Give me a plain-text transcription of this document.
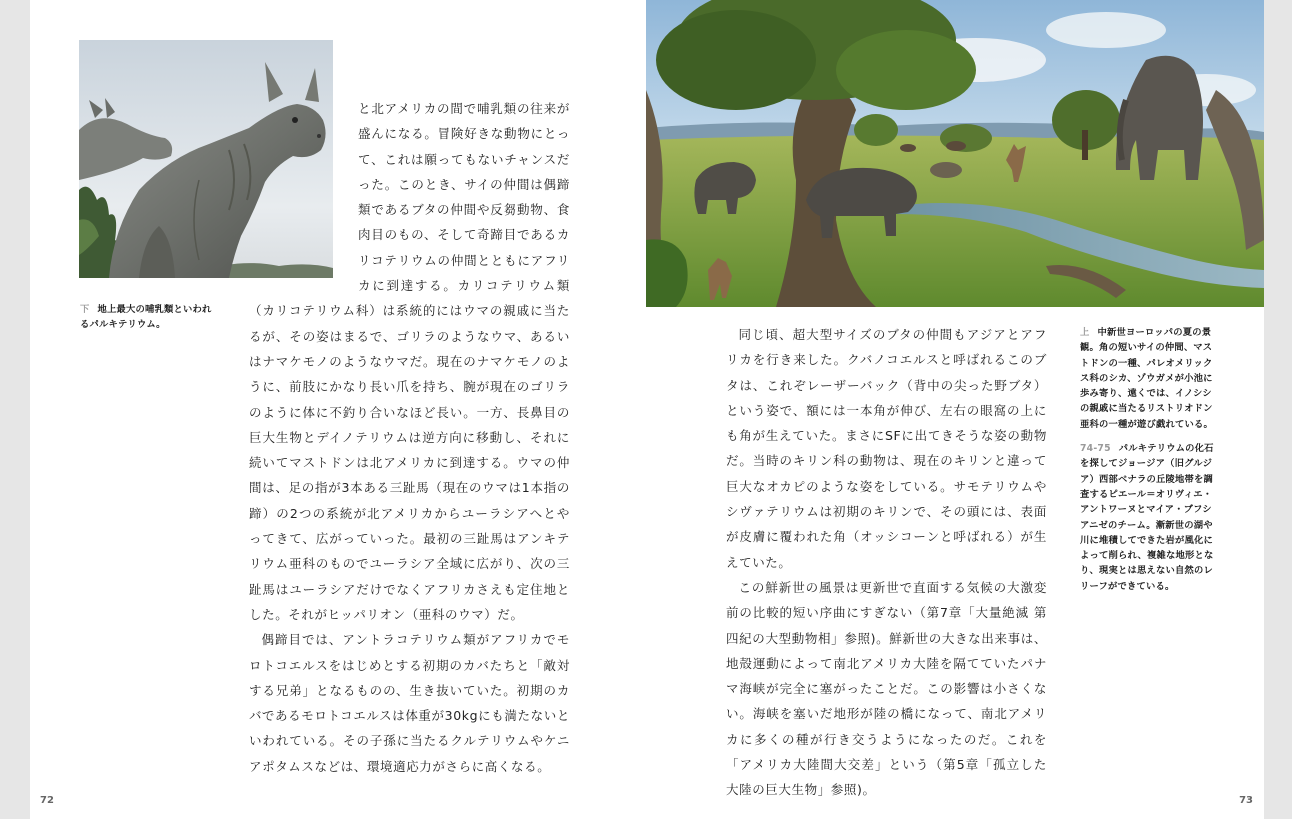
下 地上最大の哺乳類といわれるパルキテリウム。

と北アメリカの間で哺乳類の往来が盛んになる。冒険好きな動物にとって、これは願ってもないチャンスだった。このとき、サイの仲間は偶蹄類であるブタの仲間や反芻動物、食肉目のもの、そして奇蹄目であるカリコテリウムの仲間とともにアフリカに到達する。カリコテリウム類（カリコテリウム科）は系統的にはウマの親戚に当たるが、その姿はまるで、ゴリラのようなウマ、あるいはナマケモノのようなウマだ。現在のナマケモノのように、前肢にかなり長い爪を持ち、腕が現在のゴリラのように体に不釣り合いなほど長い。一方、長鼻目の巨大生物とデイノテリウムは逆方向に移動し、それに続いてマストドンは北アメリカに到達する。ウマの仲間は、足の指が3本ある三趾馬（現在のウマは1本指の蹄）の2つの系統が北アメリカからユーラシアへとやってきて、広がっていった。最初の三趾馬はアンキテリウム亜科のものでユーラシア全域に広がり、次の三趾馬はユーラシアだけでなくアフリカさえも定住地とした。それがヒッパリオン（亜科のウマ）だ。

偶蹄目では、アントラコテリウム類がアフリカでモロトコエルスをはじめとする初期のカバたちと「敵対する兄弟」となるものの、生き抜いていた。初期のカバであるモロトコエルスは体重が30kgにも満たないといわれている。その子孫に当たるクルテリウムやケニアポタムスなどは、環境適応力がさらに高くなる。

72

同じ頃、超大型サイズのブタの仲間もアジアとアフリカを行き来した。クバノコエルスと呼ばれるこのブタは、これぞレーザーバック（背中の尖った野ブタ）という姿で、額には一本角が伸び、左右の眼窩の上にも角が生えていた。まさにSFに出てきそうな姿の動物だ。当時のキリン科の動物は、現在のキリンと違って巨大なオカピのような姿をしている。サモテリウムやシヴァテリウムは初期のキリンで、その頭には、表面が皮膚に覆われた角（オッシコーンと呼ばれる）が生えていた。

この鮮新世の風景は更新世で直面する気候の大激変前の比較的短い序曲にすぎない（第7章「大量絶滅 第四紀の大型動物相」参照)。鮮新世の大きな出来事は、地殻運動によって南北アメリカ大陸を隔てていたパナマ海峡が完全に塞がったことだ。この影響は小さくない。海峡を塞いだ地形が陸の橋になって、南北アメリカに多くの種が行き交うようになったのだ。これを「アメリカ大陸間大交差」という（第5章「孤立した大陸の巨大生物」参照)。

上 中新世ヨーロッパの夏の景観。角の短いサイの仲間、マストドンの一種、パレオメリックス科のシカ、ゾウガメが小池に歩み寄り、遠くでは、イノシシの親戚に当たるリストリオドン亜科の一種が遊び戯れている。

74-75 パルキテリウムの化石を探してジョージア（旧グルジア）西部ベナラの丘陵地帯を調査するピエール＝オリヴィエ・アントワーヌとマイア・ブフシアニゼのチーム。漸新世の湖や川に堆積してできた岩が風化によって削られ、複雑な地形となり、現実とは思えない自然のレリーフができている。

73
